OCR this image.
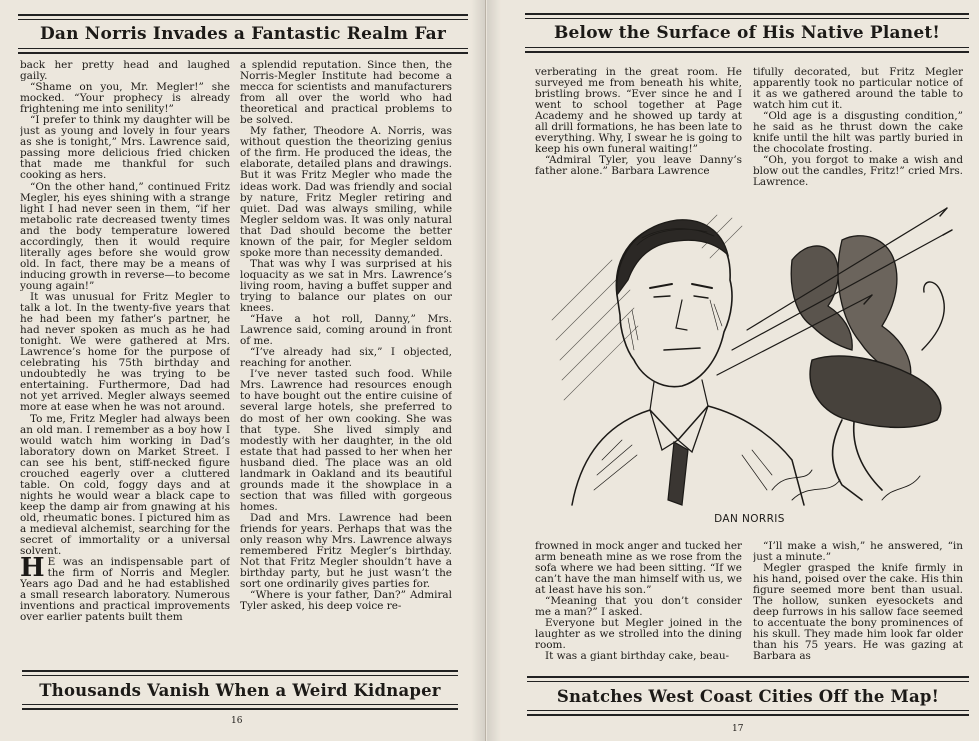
Dan Norris Invades a Fantastic Realm Far

back her pretty head and laughed gaily.

“Shame on you, Mr. Megler!” she mocked. “Your prophecy is already frightening me into senility!”

“I prefer to think my daughter will be just as young and lovely in four years as she is tonight,” Mrs. Lawrence said, passing more delicious fried chicken that made me thankful for such cooking as hers.

“On the other hand,” continued Fritz Megler, his eyes shining with a strange light I had never seen in them, “if her metabolic rate decreased twenty times and the body temperature lowered accordingly, then it would require literally ages before she would grow old. In fact, there may be a means of inducing growth in reverse—to become young again!”

It was unusual for Fritz Megler to talk a lot. In the twenty-five years that he had been my father’s partner, he had never spoken as much as he had tonight. We were gathered at Mrs. Lawrence’s home for the purpose of celebrating his 75th birthday and undoubtedly he was trying to be entertaining. Furthermore, Dad had not yet arrived. Megler always seemed more at ease when he was not around.

To me, Fritz Megler had always been an old man. I remember as a boy how I would watch him working in Dad’s laboratory down on Market Street. I can see his bent, stiff-necked figure crouched eagerly over a cluttered table. On cold, foggy days and at nights he would wear a black cape to keep the damp air from gnawing at his old, rheumatic bones. I pictured him as a medieval alchemist, searching for the secret of immortality or a universal solvent.

H E was an indispensable part of the firm of Norris and Megler. Years ago Dad and he had established a small research laboratory. Numerous inventions and practical improvements over earlier patents built them

a splendid reputation. Since then, the Norris-Megler Institute had become a mecca for scientists and manufacturers from all over the world who had theoretical and practical problems to be solved.

My father, Theodore A. Norris, was without question the theorizing genius of the firm. He produced the ideas, the elaborate, detailed plans and drawings. But it was Fritz Megler who made the ideas work. Dad was friendly and social by nature, Fritz Megler retiring and quiet. Dad was always smiling, while Megler seldom was. It was only natural that Dad should become the better known of the pair, for Megler seldom spoke more than necessity demanded.

That was why I was surprised at his loquacity as we sat in Mrs. Lawrence’s living room, having a buffet supper and trying to balance our plates on our knees.

“Have a hot roll, Danny,” Mrs. Lawrence said, coming around in front of me.

“I’ve already had six,” I objected, reaching for another.

I’ve never tasted such food. While Mrs. Lawrence had resources enough to have bought out the entire cuisine of several large hotels, she preferred to do most of her own cooking. She was that type. She lived simply and modestly with her daughter, in the old estate that had passed to her when her husband died. The place was an old landmark in Oakland and its beautiful grounds made it the showplace in a section that was filled with gorgeous homes.

Dad and Mrs. Lawrence had been friends for years. Perhaps that was the only reason why Mrs. Lawrence always remembered Fritz Megler’s birthday. Not that Fritz Megler shouldn’t have a birthday party, but he just wasn’t the sort one ordinarily gives parties for.

“Where is your father, Dan?” Admiral Tyler asked, his deep voice re-

Thousands Vanish When a Weird Kidnaper
16
Below the Surface of His Native Planet!

verberating in the great room. He surveyed me from beneath his white, bristling brows. “Ever since he and I went to school together at Page Academy and he showed up tardy at all drill formations, he has been late to everything. Why, I swear he is going to keep his own funeral waiting!”

“Admiral Tyler, you leave Danny’s father alone.” Barbara Lawrence

tifully decorated, but Fritz Megler apparently took no particular notice of it as we gathered around the table to watch him cut it.

“Old age is a disgusting condition,” he said as he thrust down the cake knife until the hilt was partly buried in the chocolate frosting.

“Oh, you forgot to make a wish and blow out the candles, Fritz!” cried Mrs. Lawrence.

DAN NORRIS

frowned in mock anger and tucked her arm beneath mine as we rose from the sofa where we had been sitting. “If we can’t have the man himself with us, we at least have his son.”

“Meaning that you don’t consider me a man?” I asked.

Everyone but Megler joined in the laughter as we strolled into the dining room.

It was a giant birthday cake, beau-

“I’ll make a wish,” he answered, “in just a minute.”

Megler grasped the knife firmly in his hand, poised over the cake. His thin figure seemed more bent than usual. The hollow, sunken eyesockets and deep furrows in his sallow face seemed to accentuate the bony prominences of his skull. They made him look far older than his 75 years. He was gazing at Barbara as

Snatches West Coast Cities Off the Map!
17
